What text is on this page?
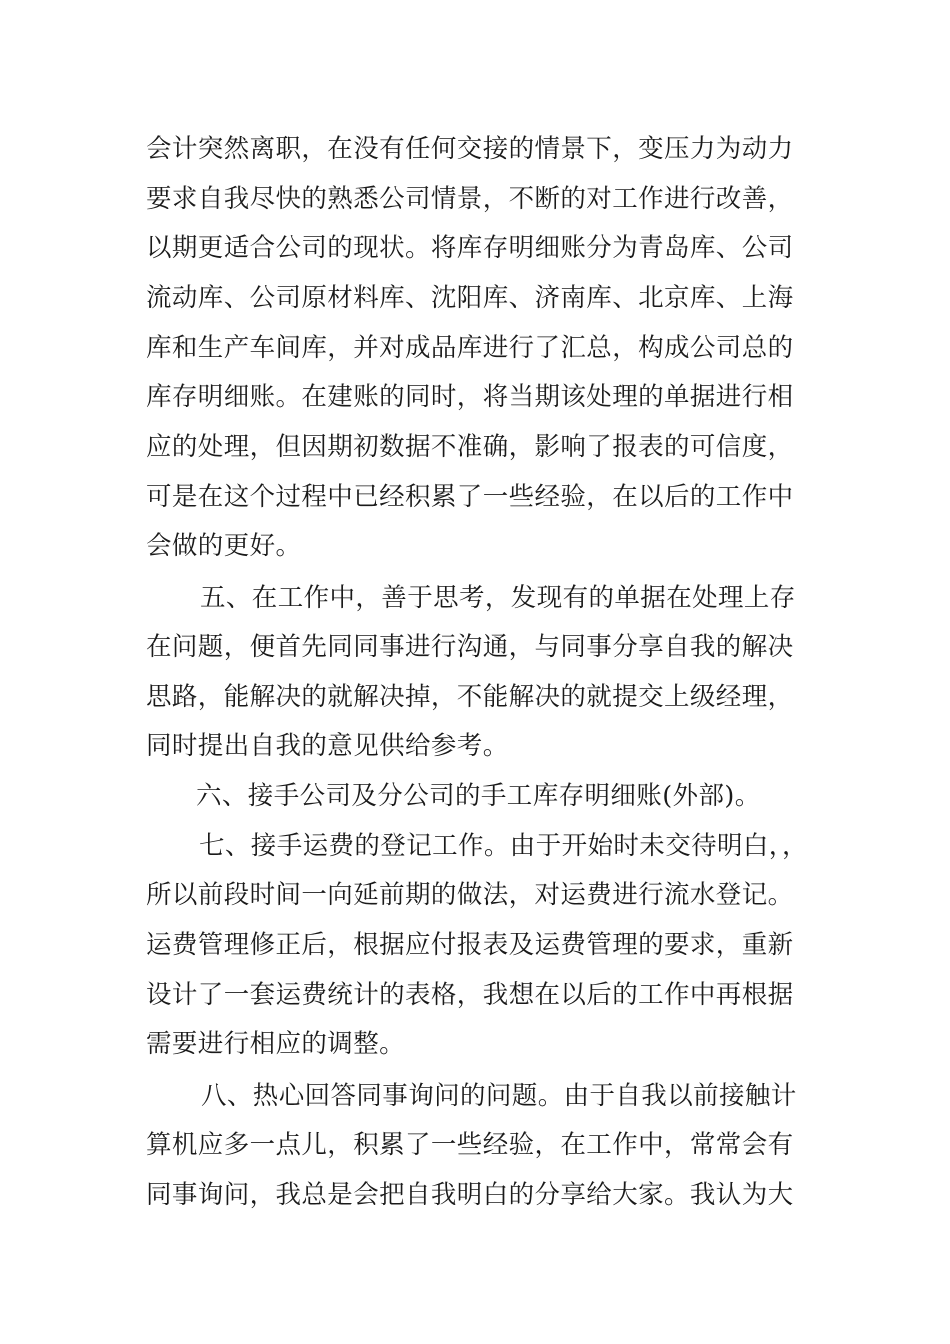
会计突然离职，在没有任何交接的情景下，变压力为动力
要求自我尽快的熟悉公司情景，不断的对工作进行改善，
以期更适合公司的现状。将库存明细账分为青岛库、公司
流动库、公司原材料库、沈阳库、济南库、北京库、上海
库和生产车间库，并对成品库进行了汇总，构成公司总的
库存明细账。在建账的同时，将当期该处理的单据进行相
应的处理，但因期初数据不准确，影响了报表的可信度，
可是在这个过程中已经积累了一些经验，在以后的工作中
会做的更好。
五、在工作中，善于思考，发现有的单据在处理上存
在问题，便首先同同事进行沟通，与同事分享自我的解决
思路，能解决的就解决掉，不能解决的就提交上级经理，
同时提出自我的意见供给参考。
六、接手公司及分公司的手工库存明细账(外部)。
七、接手运费的登记工作。由于开始时未交待明白，，
所以前段时间一向延前期的做法，对运费进行流水登记。
运费管理修正后，根据应付报表及运费管理的要求，重新
设计了一套运费统计的表格，我想在以后的工作中再根据
需要进行相应的调整。
八、热心回答同事询问的问题。由于自我以前接触计
算机应多一点儿，积累了一些经验，在工作中，常常会有
同事询问，我总是会把自我明白的分享给大家。我认为大
